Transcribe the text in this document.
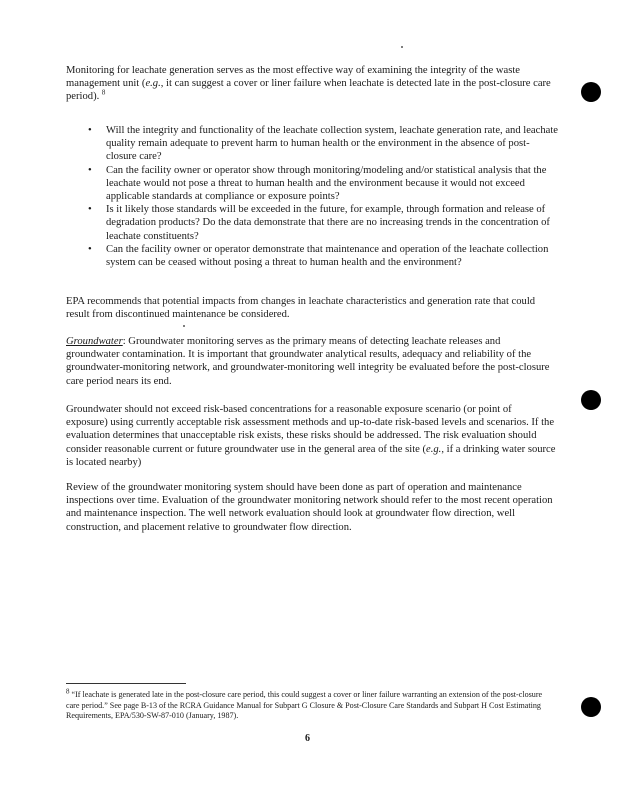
Monitoring for leachate generation serves as the most effective way of examining the integrity of the waste management unit (e.g., it can suggest a cover or liner failure when leachate is detected late in the post-closure care period). $^8$

• Will the integrity and functionality of the leachate collection system, leachate generation rate, and leachate quality remain adequate to prevent harm to human health or the environment in the absence of post-closure care?
• Can the facility owner or operator show through monitoring/modeling and/or statistical analysis that the leachate would not pose a threat to human health and the environment because it would not exceed applicable standards at compliance or exposure points?
• Is it likely those standards will be exceeded in the future, for example, through formation and release of degradation products? Do the data demonstrate that there are no increasing trends in the concentration of leachate constituents?
• Can the facility owner or operator demonstrate that maintenance and operation of the leachate collection system can be ceased without posing a threat to human health and the environment?

EPA recommends that potential impacts from changes in leachate characteristics and generation rate that could result from discontinued maintenance be considered.

Groundwater: Groundwater monitoring serves as the primary means of detecting leachate releases and groundwater contamination. It is important that groundwater analytical results, adequacy and reliability of the groundwater-monitoring network, and groundwater-monitoring well integrity be evaluated before the post-closure care period nears its end.

Groundwater should not exceed risk-based concentrations for a reasonable exposure scenario (or point of exposure) using currently acceptable risk assessment methods and up-to-date risk-based levels and scenarios. If the evaluation determines that unacceptable risk exists, these risks should be addressed. The risk evaluation should consider reasonable current or future groundwater use in the general area of the site (e.g., if a drinking water source is located nearby)

Review of the groundwater monitoring system should have been done as part of operation and maintenance inspections over time. Evaluation of the groundwater monitoring network should refer to the most recent operation and maintenance inspection. The well network evaluation should look at groundwater flow direction, well construction, and placement relative to groundwater flow direction.

8 “If leachate is generated late in the post-closure care period, this could suggest a cover or liner failure warranting an extension of the post-closure care period.” See page B-13 of the RCRA Guidance Manual for Subpart G Closure & Post-Closure Care Standards and Subpart H Cost Estimating Requirements, EPA/530-SW-87-010 (January, 1987).

6
